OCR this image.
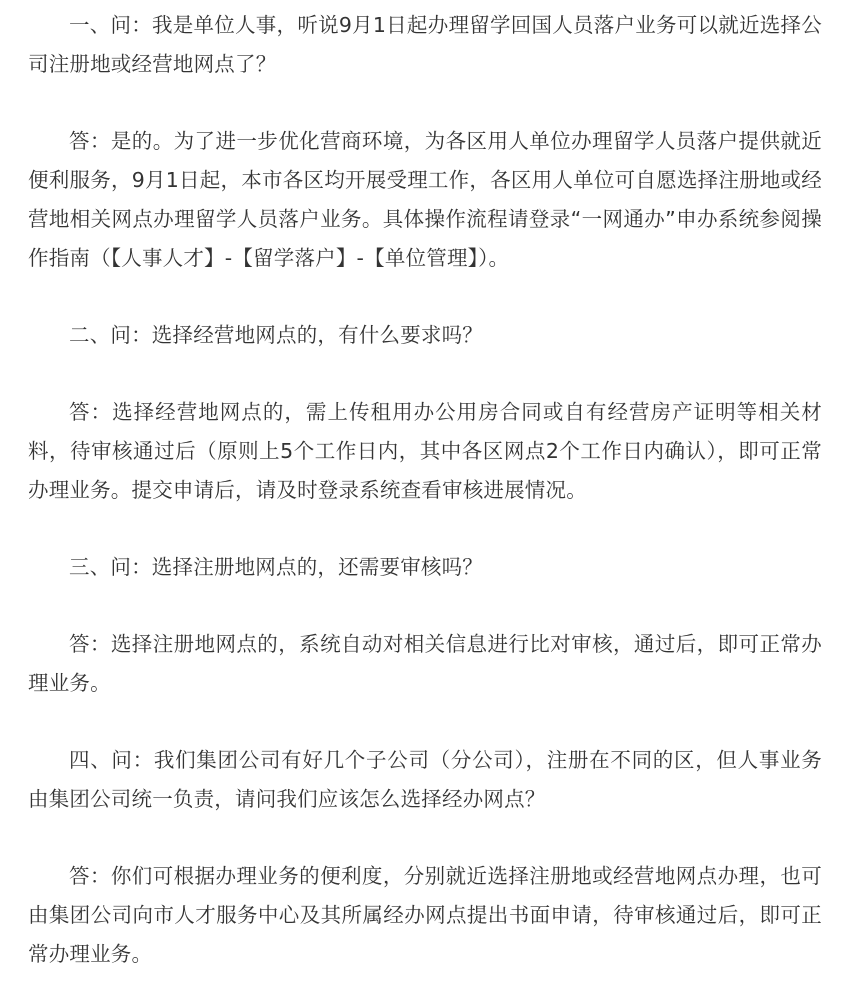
一、问：我是单位人事，听说9月1日起办理留学回国人员落户业务可以就近选择公司注册地或经营地网点了？

答：是的。为了进一步优化营商环境，为各区用人单位办理留学人员落户提供就近便利服务，9月1日起，本市各区均开展受理工作，各区用人单位可自愿选择注册地或经营地相关网点办理留学人员落户业务。具体操作流程请登录“一网通办”申办系统参阅操作指南（【人事人才】-【留学落户】-【单位管理】）。

二、问：选择经营地网点的，有什么要求吗？

答：选择经营地网点的，需上传租用办公用房合同或自有经营房产证明等相关材料，待审核通过后（原则上5个工作日内，其中各区网点2个工作日内确认），即可正常办理业务。提交申请后，请及时登录系统查看审核进展情况。

三、问：选择注册地网点的，还需要审核吗？

答：选择注册地网点的，系统自动对相关信息进行比对审核，通过后，即可正常办理业务。

四、问：我们集团公司有好几个子公司（分公司），注册在不同的区，但人事业务由集团公司统一负责，请问我们应该怎么选择经办网点？

答：你们可根据办理业务的便利度，分别就近选择注册地或经营地网点办理，也可由集团公司向市人才服务中心及其所属经办网点提出书面申请，待审核通过后，即可正常办理业务。
